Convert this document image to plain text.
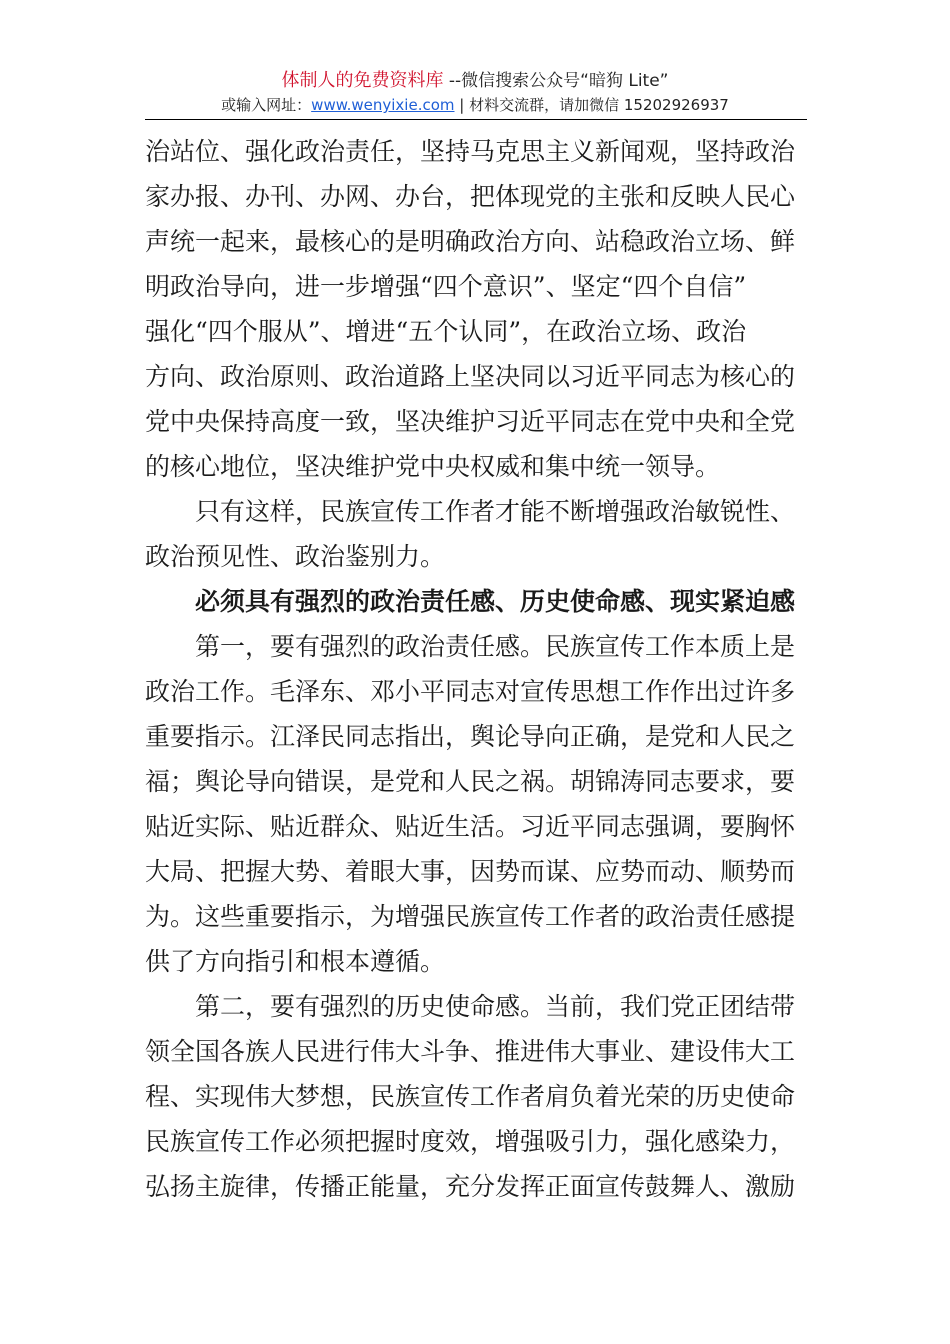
体制人的免费资料库 --微信搜索公众号“暗狗 Lite”
或输入网址：www.wenyixie.com | 材料交流群，请加微信 15202926937
治站位、强化政治责任，坚持马克思主义新闻观，坚持政治
家办报、办刊、办网、办台，把体现党的主张和反映人民心
声统一起来，最核心的是明确政治方向、站稳政治立场、鲜
明政治导向，进一步增强“四个意识”、坚定“四个自信”
强化“四个服从”、增进“五个认同”，在政治立场、政治
方向、政治原则、政治道路上坚决同以习近平同志为核心的
党中央保持高度一致，坚决维护习近平同志在党中央和全党
的核心地位，坚决维护党中央权威和集中统一领导。
只有这样，民族宣传工作者才能不断增强政治敏锐性、
政治预见性、政治鉴别力。
必须具有强烈的政治责任感、历史使命感、现实紧迫感
第一，要有强烈的政治责任感。民族宣传工作本质上是
政治工作。毛泽东、邓小平同志对宣传思想工作作出过许多
重要指示。江泽民同志指出，舆论导向正确，是党和人民之
福；舆论导向错误，是党和人民之祸。胡锦涛同志要求，要
贴近实际、贴近群众、贴近生活。习近平同志强调，要胸怀
大局、把握大势、着眼大事，因势而谋、应势而动、顺势而
为。这些重要指示，为增强民族宣传工作者的政治责任感提
供了方向指引和根本遵循。
第二，要有强烈的历史使命感。当前，我们党正团结带
领全国各族人民进行伟大斗争、推进伟大事业、建设伟大工
程、实现伟大梦想，民族宣传工作者肩负着光荣的历史使命
民族宣传工作必须把握时度效，增强吸引力，强化感染力，
弘扬主旋律，传播正能量，充分发挥正面宣传鼓舞人、激励
